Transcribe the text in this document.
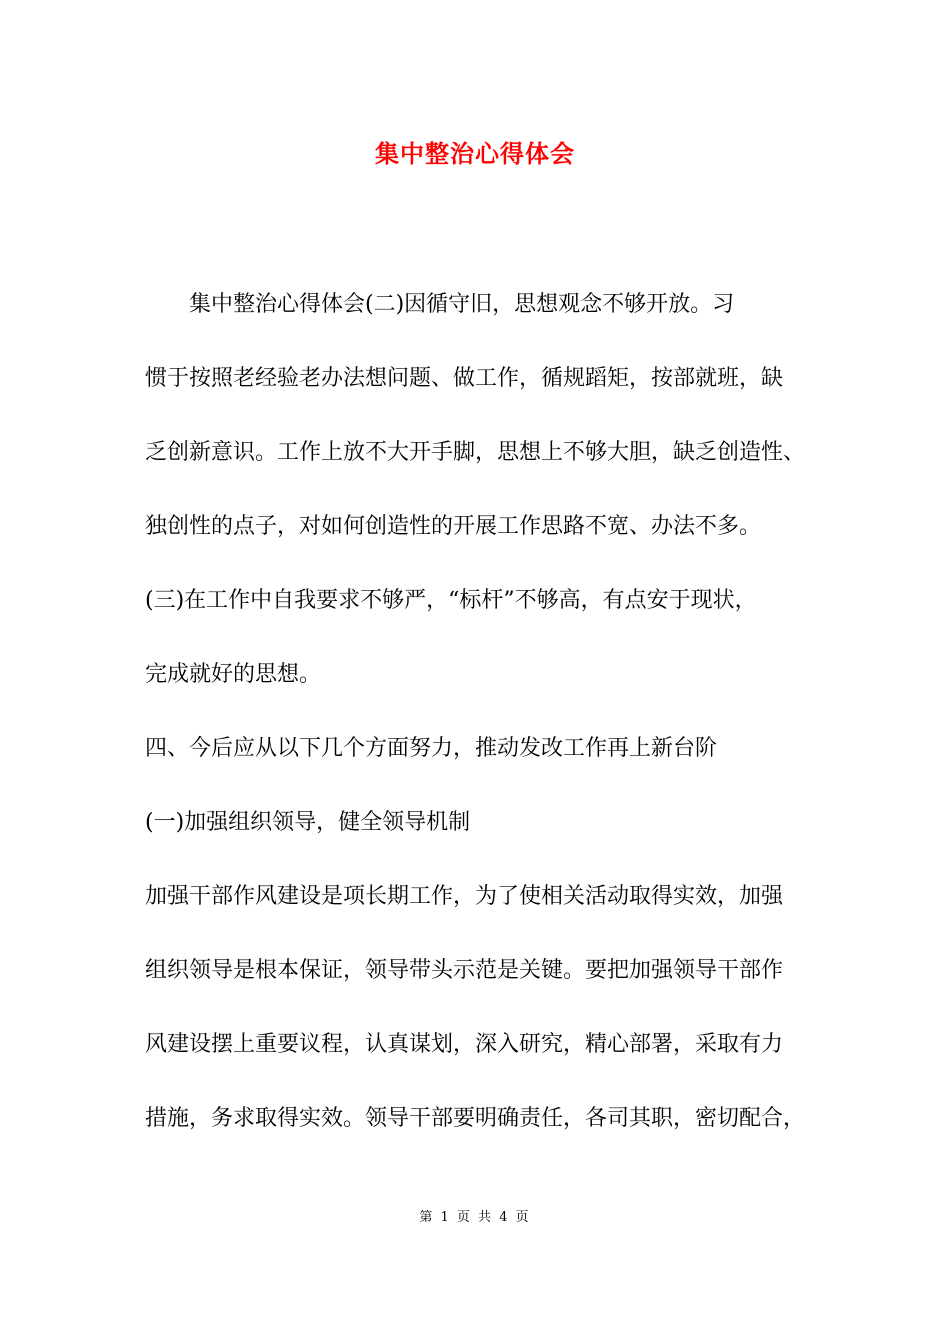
集中整治心得体会
　　集中整治心得体会(二)因循守旧，思想观念不够开放。习
惯于按照老经验老办法想问题、做工作，循规蹈矩，按部就班，缺
乏创新意识。工作上放不大开手脚，思想上不够大胆，缺乏创造性、
独创性的点子，对如何创造性的开展工作思路不宽、办法不多。
(三)在工作中自我要求不够严，“标杆”不够高，有点安于现状，
完成就好的思想。
四、今后应从以下几个方面努力，推动发改工作再上新台阶
(一)加强组织领导，健全领导机制
加强干部作风建设是项长期工作，为了使相关活动取得实效，加强
组织领导是根本保证，领导带头示范是关键。要把加强领导干部作
风建设摆上重要议程，认真谋划，深入研究，精心部署，采取有力
措施，务求取得实效。领导干部要明确责任，各司其职，密切配合，
第 1 页 共 4 页
